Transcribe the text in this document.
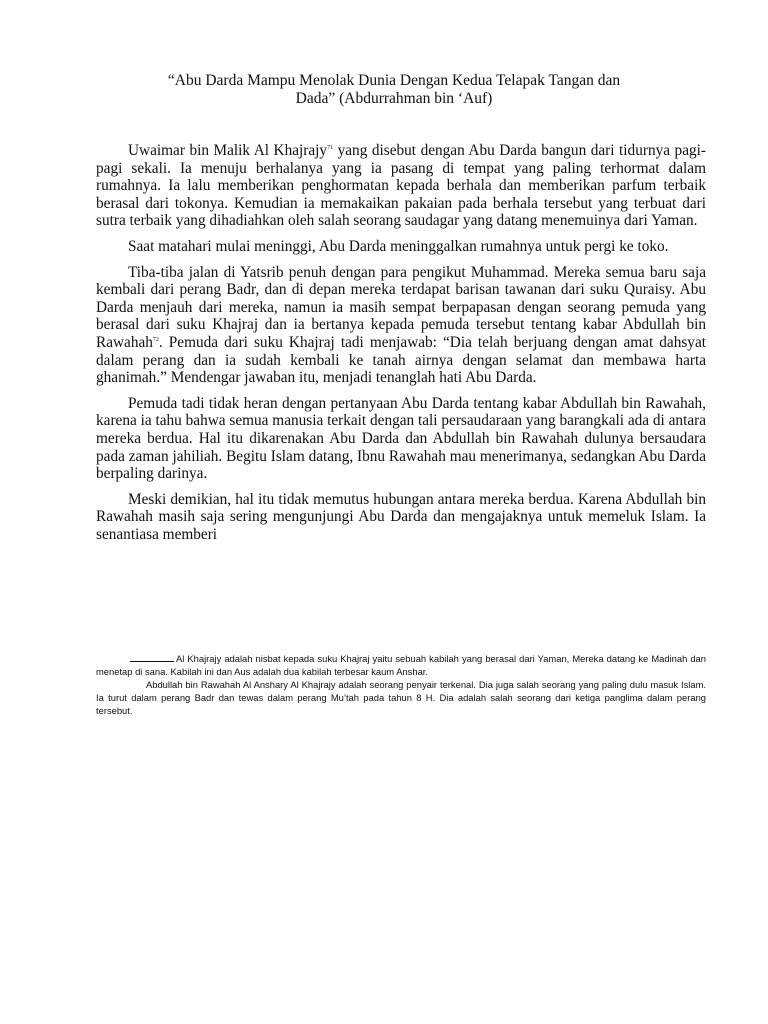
“Abu Darda Mampu Menolak Dunia Dengan Kedua Telapak Tangan dan
Dada” (Abdurrahman bin ‘Auf)

Uwaimar bin Malik Al Khajrajy$^{71}$ yang disebut dengan Abu Darda bangun dari tidurnya pagi-pagi sekali. Ia menuju berhalanya yang ia pasang di tempat yang paling terhormat dalam rumahnya. Ia lalu memberikan penghormatan kepada berhala dan memberikan parfum terbaik berasal dari tokonya. Kemudian ia memakaikan pakaian pada berhala tersebut yang terbuat dari sutra terbaik yang dihadiahkan oleh salah seorang saudagar yang datang menemuinya dari Yaman.

Saat matahari mulai meninggi, Abu Darda meninggalkan rumahnya untuk pergi ke toko.

Tiba-tiba jalan di Yatsrib penuh dengan para pengikut Muhammad. Mereka semua baru saja kembali dari perang Badr, dan di depan mereka terdapat barisan tawanan dari suku Quraisy. Abu Darda menjauh dari mereka, namun ia masih sempat berpapasan dengan seorang pemuda yang berasal dari suku Khajraj dan ia bertanya kepada pemuda tersebut tentang kabar Abdullah bin Rawahah$^{72}$. Pemuda dari suku Khajraj tadi menjawab: “Dia telah berjuang dengan amat dahsyat dalam perang dan ia sudah kembali ke tanah airnya dengan selamat dan membawa harta ghanimah.” Mendengar jawaban itu, menjadi tenanglah hati Abu Darda.

Pemuda tadi tidak heran dengan pertanyaan Abu Darda tentang kabar Abdullah bin Rawahah, karena ia tahu bahwa semua manusia terkait dengan tali persaudaraan yang barangkali ada di antara mereka berdua. Hal itu dikarenakan Abu Darda dan Abdullah bin Rawahah dulunya bersaudara pada zaman jahiliah. Begitu Islam datang, Ibnu Rawahah mau menerimanya, sedangkan Abu Darda berpaling darinya.

Meski demikian, hal itu tidak memutus hubungan antara mereka berdua. Karena Abdullah bin Rawahah masih saja sering mengunjungi Abu Darda dan mengajaknya untuk memeluk Islam. Ia senantiasa memberi

Al Khajrajy adalah nisbat kepada suku Khajraj yaitu sebuah kabilah yang berasal dari Yaman, Mereka datang ke Madinah dan menetap di sana. Kabilah ini dan Aus adalah dua kabilah terbesar kaum Anshar.

Abdullah bin Rawahah Al Anshary Al Khajrajy adalah seorang penyair terkenal. Dia juga salah seorang yang paling dulu masuk Islam. Ia turut dalam perang Badr dan tewas dalam perang Mu’tah pada tahun 8 H. Dia adalah salah seorang dari ketiga panglima dalam perang tersebut.
